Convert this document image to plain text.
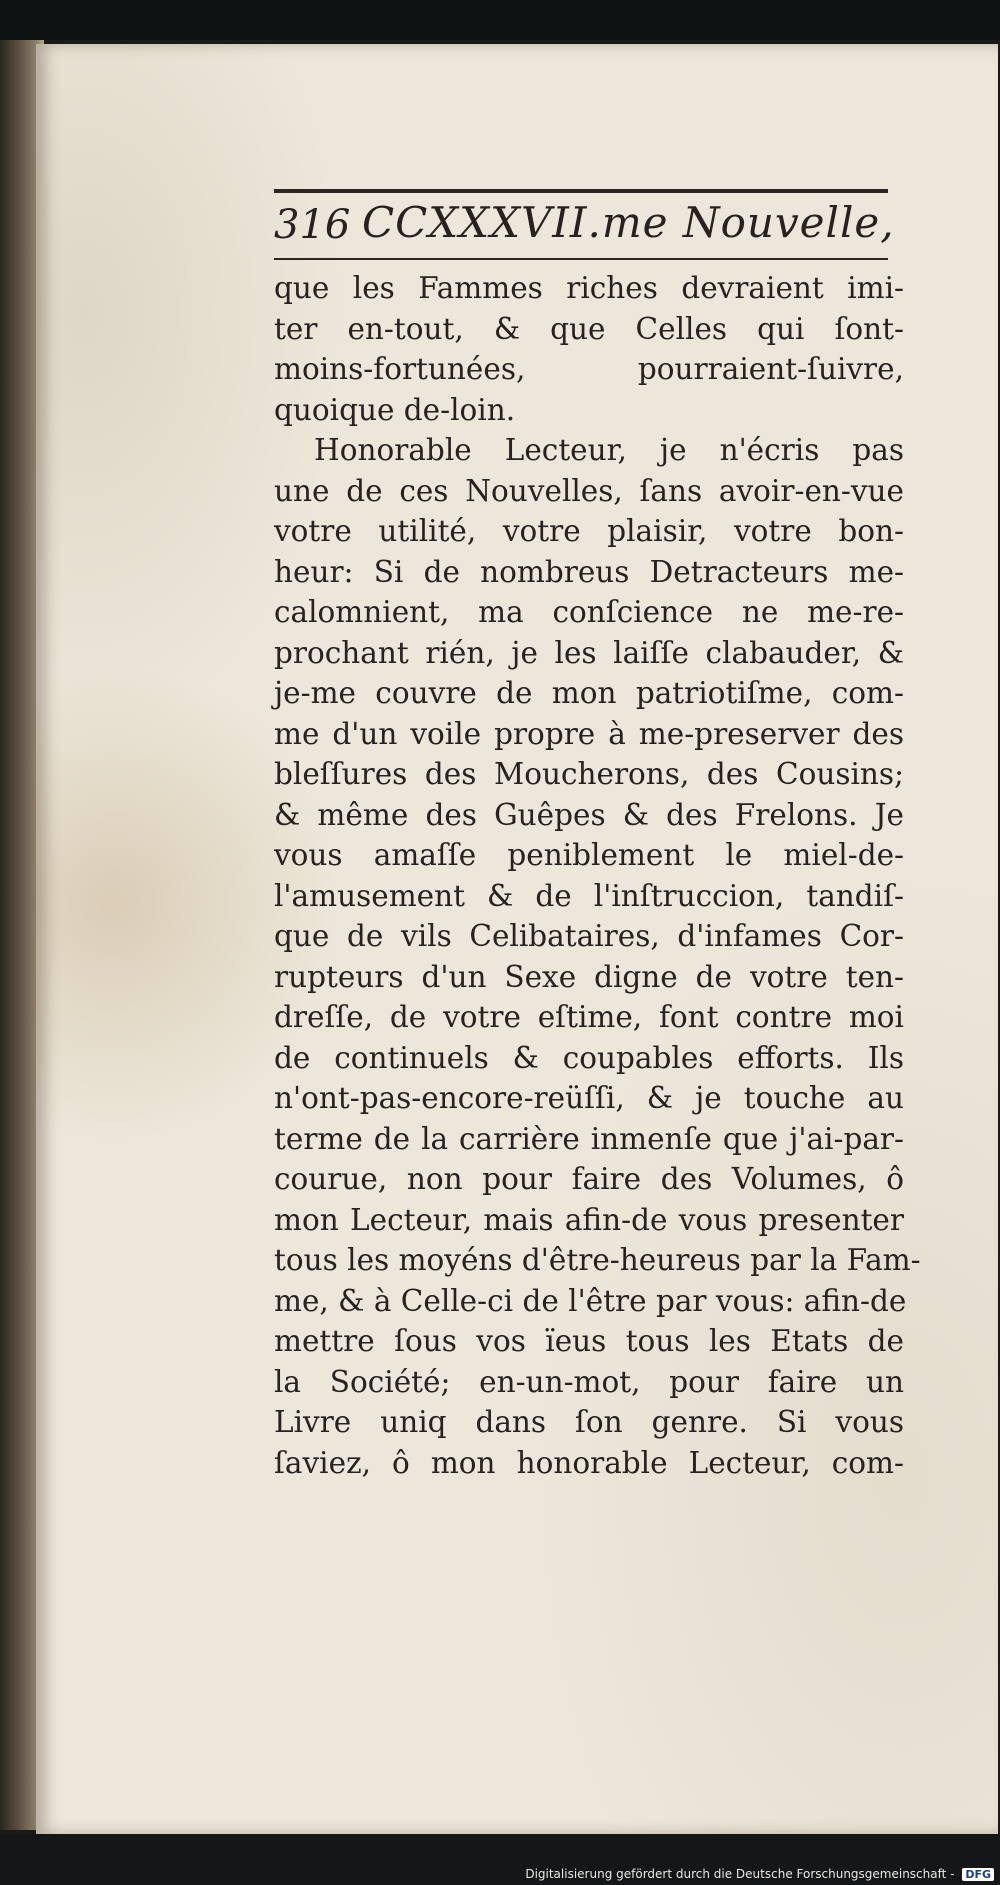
316 CCXXXVII.me Nouvelle,
que les Fammes riches devraient imi-
ter en-tout, & que Celles qui ſont-
moins-fortunées, pourraient-ſuivre,
quoique de-loin.
Honorable Lecteur, je n'écris pas
une de ces Nouvelles, ſans avoir-en-vue
votre utilité, votre plaisir, votre bon-
heur: Si de nombreus Detracteurs me-
calomnient, ma conſcience ne me-re-
prochant rién, je les laiſſe clabauder, &
je-me couvre de mon patriotiſme, com-
me d'un voile propre à me-preserver des
bleſſures des Moucherons, des Cousins;
& même des Guêpes & des Frelons. Je
vous amaſſe peniblement le miel-de-
l'amusement & de l'inſtruccion, tandiſ-
que de vils Celibataires, d'infames Cor-
rupteurs d'un Sexe digne de votre ten-
dreſſe, de votre eſtime, font contre moi
de continuels & coupables efforts. Ils
n'ont-pas-encore-reüſſi, & je touche au
terme de la carrière inmenſe que j'ai-par-
courue, non pour faire des Volumes, ô
mon Lecteur, mais afin-de vous presenter
tous les moyéns d'être-heureus par la Fam-
me, & à Celle-ci de l'être par vous: afin-de
mettre ſous vos ïeus tous les Etats de
la Société; en-un-mot, pour faire un
Livre uniq dans ſon genre. Si vous
ſaviez, ô mon honorable Lecteur, com-
Digitalisierung gefördert durch die Deutsche Forschungsgemeinschaft - DFG
